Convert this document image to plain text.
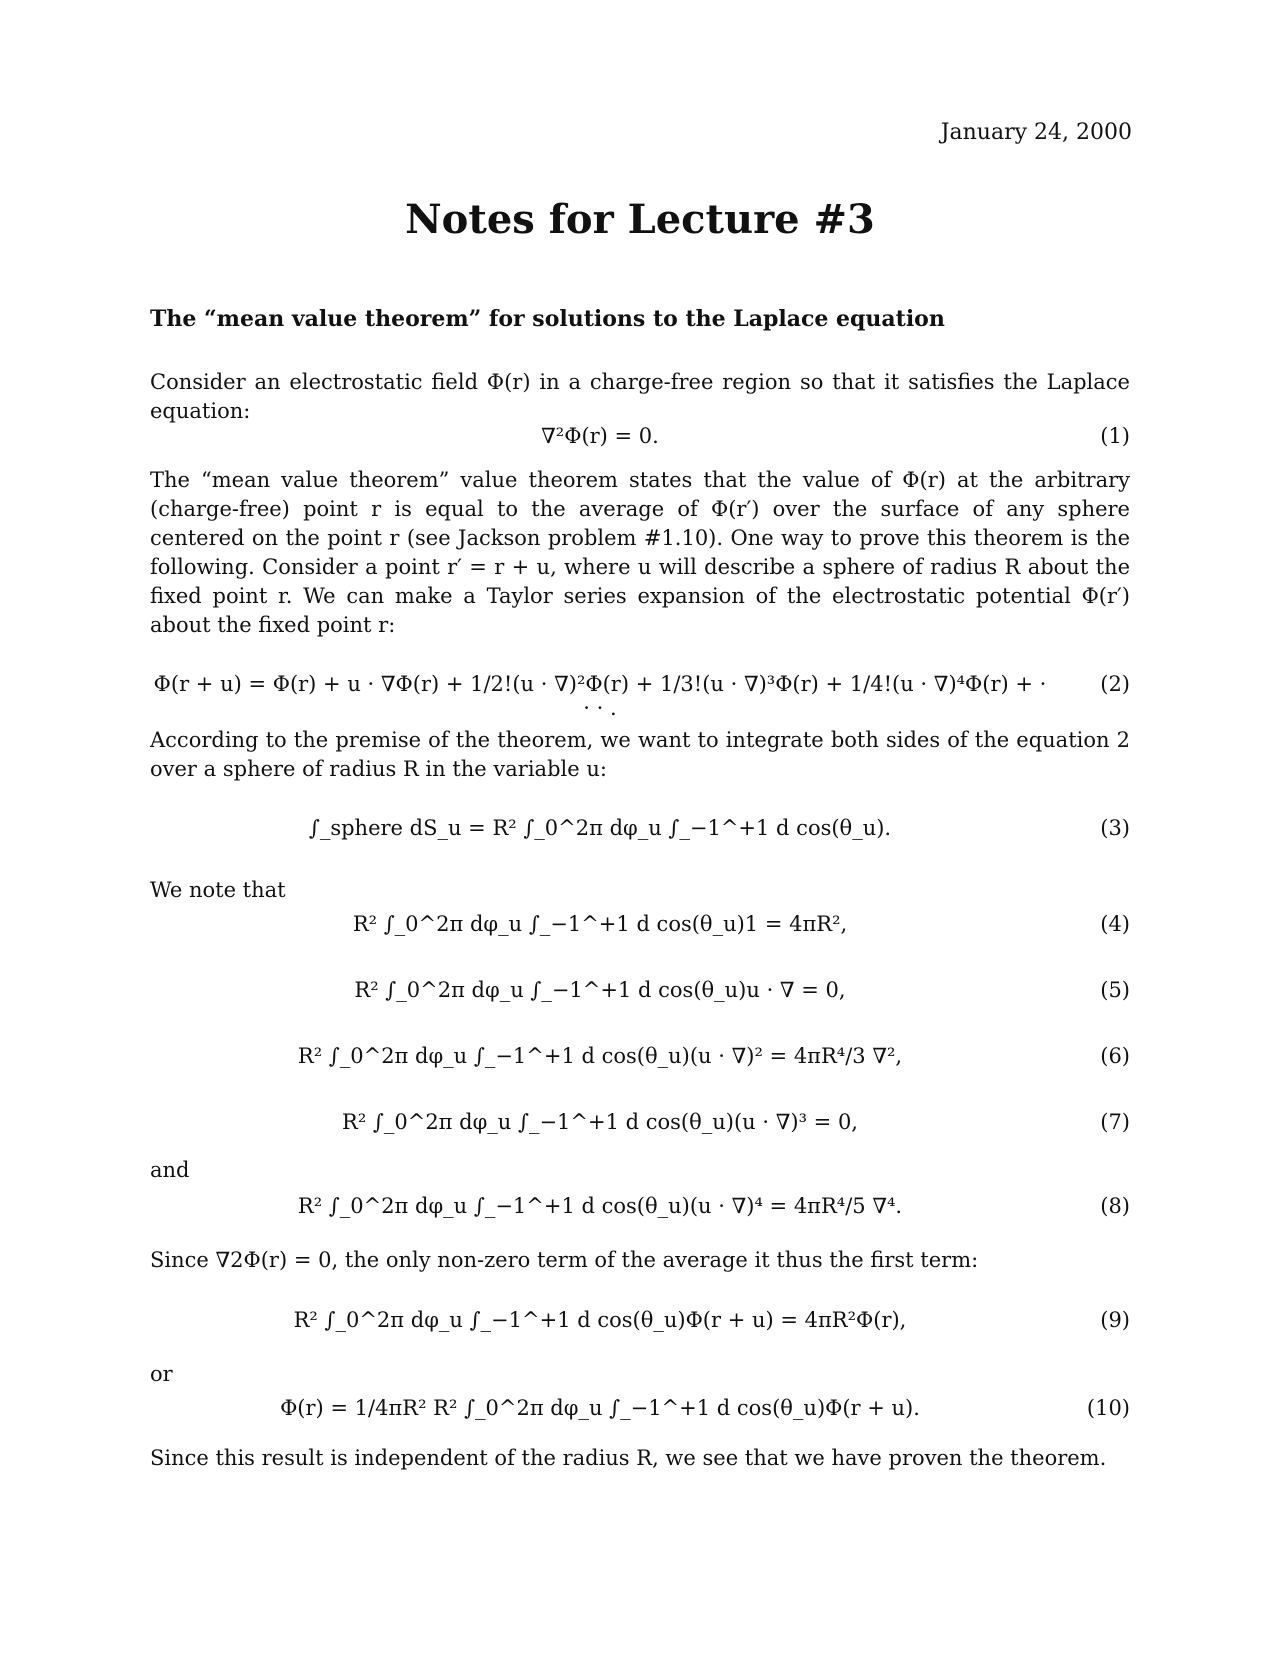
January 24, 2000
Notes for Lecture #3
The “mean value theorem” for solutions to the Laplace equation
Consider an electrostatic field Φ(r) in a charge-free region so that it satisfies the Laplace equation:
∇²Φ(r) = 0.	(1)
The “mean value theorem” value theorem states that the value of Φ(r) at the arbitrary (charge-free) point r is equal to the average of Φ(r′) over the surface of any sphere centered on the point r (see Jackson problem #1.10). One way to prove this theorem is the following. Consider a point r′ = r + u, where u will describe a sphere of radius R about the fixed point r. We can make a Taylor series expansion of the electrostatic potential Φ(r′) about the fixed point r:
Φ(r + u) = Φ(r) + u · ∇Φ(r) + 1/2!(u · ∇)²Φ(r) + 1/3!(u · ∇)³Φ(r) + 1/4!(u · ∇)⁴Φ(r) + · · · .
(2)
According to the premise of the theorem, we want to integrate both sides of the equation 2 over a sphere of radius R in the variable u:
∫_sphere dS_u = R² ∫_0^2π dφ_u ∫_−1^+1 d cos(θ_u).	(3)
We note that
R² ∫_0^2π dφ_u ∫_−1^+1 d cos(θ_u)1 = 4πR²,	(4)
R² ∫_0^2π dφ_u ∫_−1^+1 d cos(θ_u)u · ∇ = 0,	(5)
R² ∫_0^2π dφ_u ∫_−1^+1 d cos(θ_u)(u · ∇)² = 4πR⁴/3 ∇²,	(6)
R² ∫_0^2π dφ_u ∫_−1^+1 d cos(θ_u)(u · ∇)³ = 0,	(7)
and
R² ∫_0^2π dφ_u ∫_−1^+1 d cos(θ_u)(u · ∇)⁴ = 4πR⁴/5 ∇⁴.	(8)
Since ∇2Φ(r) = 0, the only non-zero term of the average it thus the first term:
R² ∫_0^2π dφ_u ∫_−1^+1 d cos(θ_u)Φ(r + u) = 4πR²Φ(r),	(9)
or
Φ(r) = 1/4πR² R² ∫_0^2π dφ_u ∫_−1^+1 d cos(θ_u)Φ(r + u).	(10)
Since this result is independent of the radius R, we see that we have proven the theorem.
